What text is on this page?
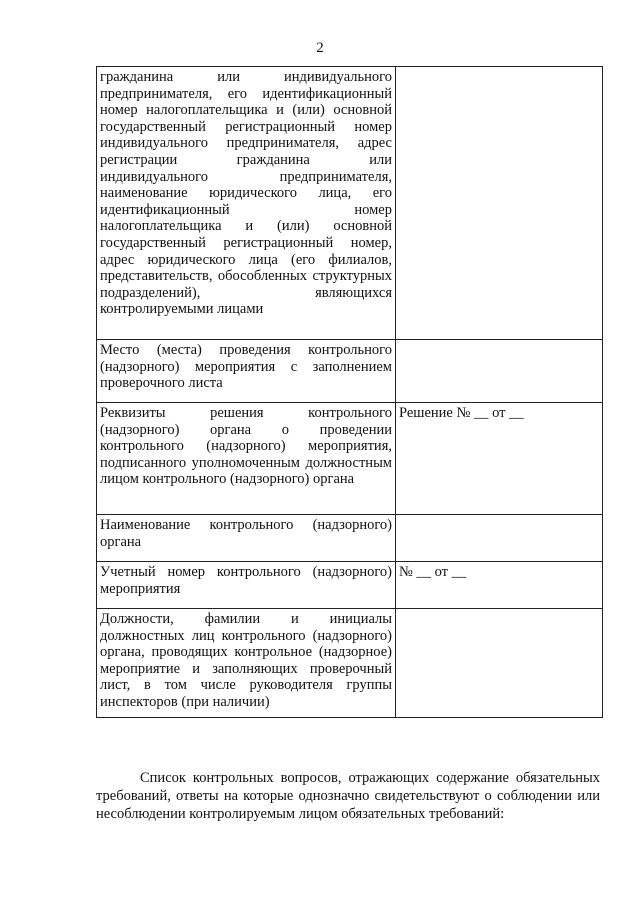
2
гражданина или индивидуального предпринимателя, его идентификационный номер налогоплательщика и (или) основной государственный регистрационный номер индивидуального предпринимателя, адрес регистрации гражданина или индивидуального предпринимателя, наименование юридического лица, его идентификационный номер налогоплательщика и (или) основной государственный регистрационный номер, адрес юридического лица (его филиалов, представительств, обособленных структурных подразделений), являющихся контролируемыми лицами	
Место (места) проведения контрольного (надзорного) мероприятия с заполнением проверочного листа	
Реквизиты решения контрольного (надзорного) органа о проведении контрольного (надзорного) мероприятия, подписанного уполномоченным должностным лицом контрольного (надзорного) органа	Решение № __ от __
Наименование контрольного (надзорного) органа	
Учетный номер контрольного (надзорного) мероприятия	№ __ от __
Должности, фамилии и инициалы должностных лиц контрольного (надзорного) органа, проводящих контрольное (надзорное) мероприятие и заполняющих проверочный лист, в том числе руководителя группы инспекторов (при наличии)	

Список контрольных вопросов, отражающих содержание обязательных требований, ответы на которые однозначно свидетельствуют о соблюдении или несоблюдении контролируемым лицом обязательных требований:
